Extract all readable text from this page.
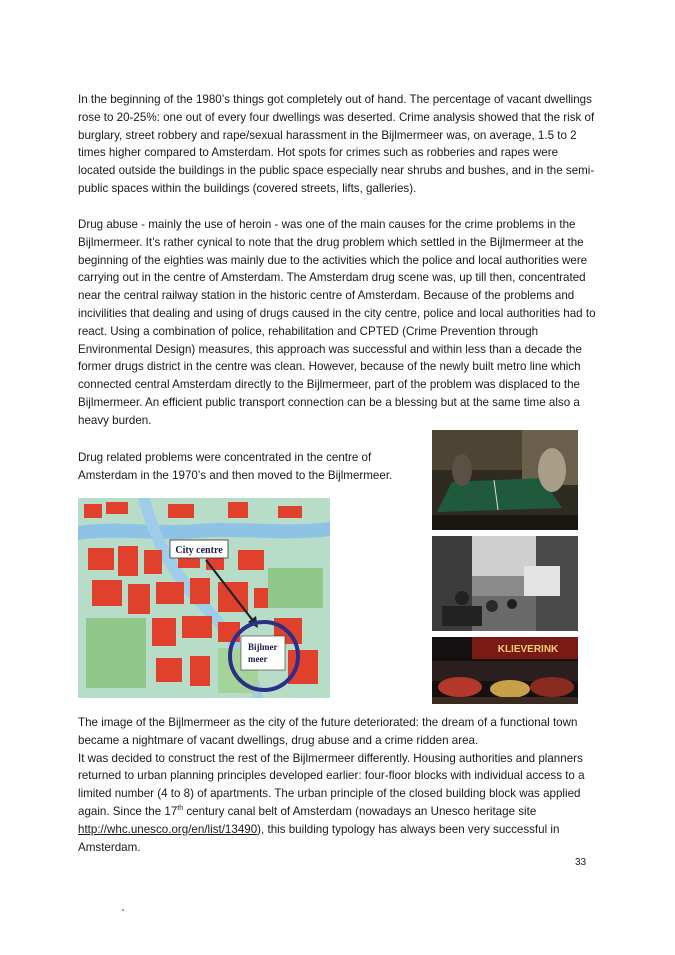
In the beginning of the 1980’s things got completely out of hand. The percentage of vacant dwellings rose to 20-25%: one out of every four dwellings was deserted. Crime analysis showed that the risk of burglary, street robbery and rape/sexual harassment in the Bijlmermeer was, on average, 1.5 to 2 times higher compared to Amsterdam. Hot spots for crimes such as robberies and rapes were located outside the buildings in the public space especially near shrubs and bushes, and in the semi-public spaces within the buildings (covered streets, lifts, galleries).

Drug abuse - mainly the use of heroin - was one of the main causes for the crime problems in the Bijlmermeer. It’s rather cynical to note that the drug problem which settled in the Bijlmermeer at the beginning of the eighties was mainly due to the activities which the police and local authorities were carrying out in the centre of Amsterdam. The Amsterdam drug scene was, up till then, concentrated near the central railway station in the historic centre of Amsterdam. Because of the problems and incivilities that dealing and using of drugs caused in the city centre, police and local authorities had to react. Using a combination of police, rehabilitation and CPTED (Crime Prevention through Environmental Design) measures, this approach was successful and within less than a decade the former drugs district in the centre was clean. However, because of the newly built metro line which connected central Amsterdam directly to the Bijlmermeer, part of the problem was displaced to the Bijlmermeer. An efficient public transport connection can be a blessing but at the same time also a heavy burden.

Drug related problems were concentrated in the centre of Amsterdam in the 1970’s and then moved to the Bijlmermeer.

City centre
Bijlmer
meer
KLIEVERINK

The image of the Bijlmermeer as the city of the future deteriorated: the dream of a functional town became a nightmare of vacant dwellings, drug abuse and a crime ridden area.
It was decided to construct the rest of the Bijlmermeer differently. Housing authorities and planners returned to urban planning principles developed earlier: four-floor blocks with individual access to a limited number (4 to 8) of apartments. The urban principle of the closed building block was applied again. Since the 17th century canal belt of Amsterdam (nowadays an Unesco heritage site http://whc.unesco.org/en/list/13490), this building typology has always been very successful in Amsterdam.

33
